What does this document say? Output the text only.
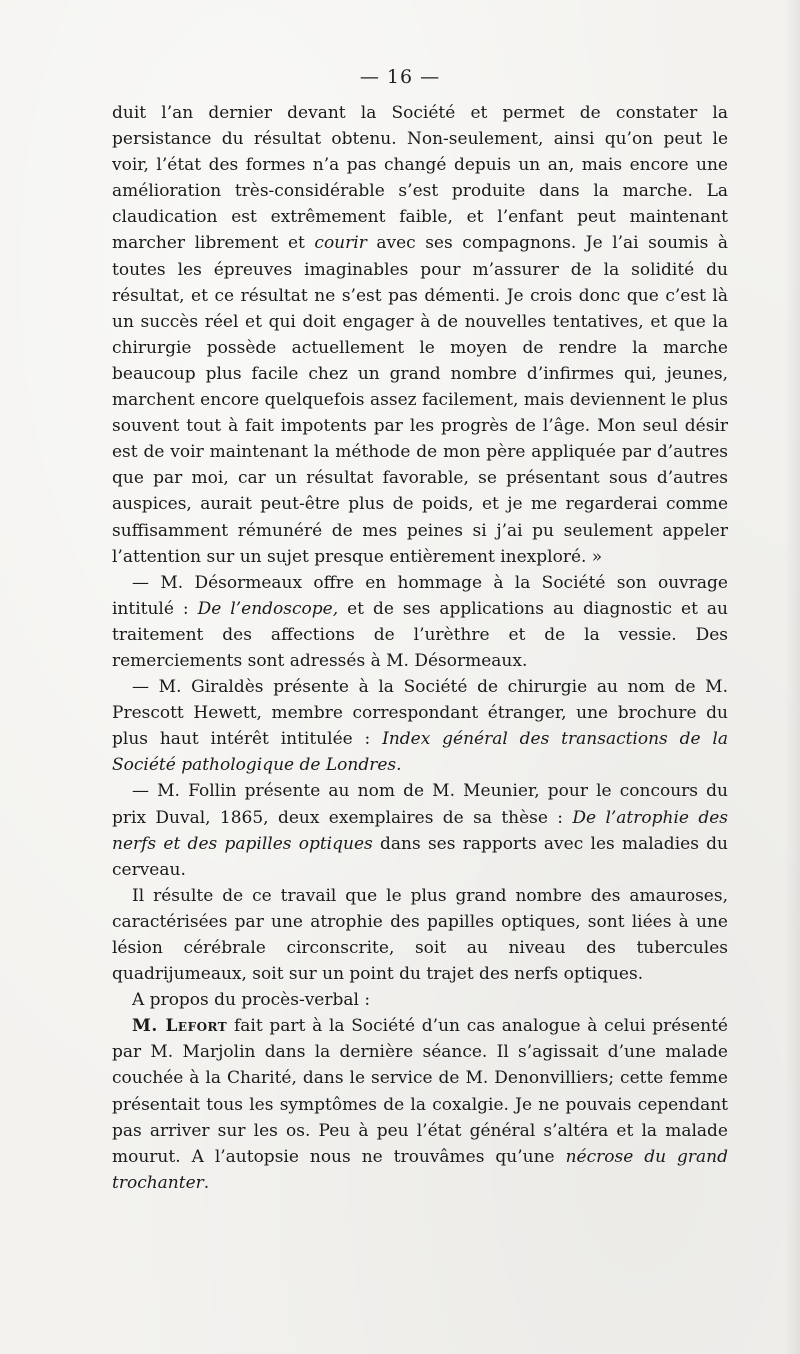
— 16 —

duit l’an dernier devant la Société et permet de constater la persistance du résultat obtenu. Non-seulement, ainsi qu’on peut le voir, l’état des formes n’a pas changé depuis un an, mais encore une amélioration très-considérable s’est produite dans la marche. La claudication est extrêmement faible, et l’enfant peut maintenant marcher librement et courir avec ses compagnons. Je l’ai soumis à toutes les épreuves imaginables pour m’assurer de la solidité du résultat, et ce résultat ne s’est pas démenti. Je crois donc que c’est là un succès réel et qui doit engager à de nouvelles tentatives, et que la chirurgie possède actuellement le moyen de rendre la marche beaucoup plus facile chez un grand nombre d’infirmes qui, jeunes, marchent encore quelquefois assez facilement, mais deviennent le plus souvent tout à fait impotents par les progrès de l’âge. Mon seul désir est de voir maintenant la méthode de mon père appliquée par d’autres que par moi, car un résultat favorable, se présentant sous d’autres auspices, aurait peut-être plus de poids, et je me regarderai comme suffisamment rémunéré de mes peines si j’ai pu seulement appeler l’attention sur un sujet presque entièrement inexploré. »

— M. Désormeaux offre en hommage à la Société son ouvrage intitulé : De l’endoscope, et de ses applications au diagnostic et au traitement des affections de l’urèthre et de la vessie. Des remerciements sont adressés à M. Désormeaux.

— M. Giraldès présente à la Société de chirurgie au nom de M. Prescott Hewett, membre correspondant étranger, une brochure du plus haut intérêt intitulée : Index général des transactions de la Société pathologique de Londres.

— M. Follin présente au nom de M. Meunier, pour le concours du prix Duval, 1865, deux exemplaires de sa thèse : De l’atrophie des nerfs et des papilles optiques dans ses rapports avec les maladies du cerveau.

Il résulte de ce travail que le plus grand nombre des amauroses, caractérisées par une atrophie des papilles optiques, sont liées à une lésion cérébrale circonscrite, soit au niveau des tubercules quadrijumeaux, soit sur un point du trajet des nerfs optiques.

A propos du procès-verbal :

M. Lefort fait part à la Société d’un cas analogue à celui présenté par M. Marjolin dans la dernière séance. Il s’agissait d’une malade couchée à la Charité, dans le service de M. Denonvilliers; cette femme présentait tous les symptômes de la coxalgie. Je ne pouvais cependant pas arriver sur les os. Peu à peu l’état général s’altéra et la malade mourut. A l’autopsie nous ne trouvâmes qu’une nécrose du grand trochanter.
